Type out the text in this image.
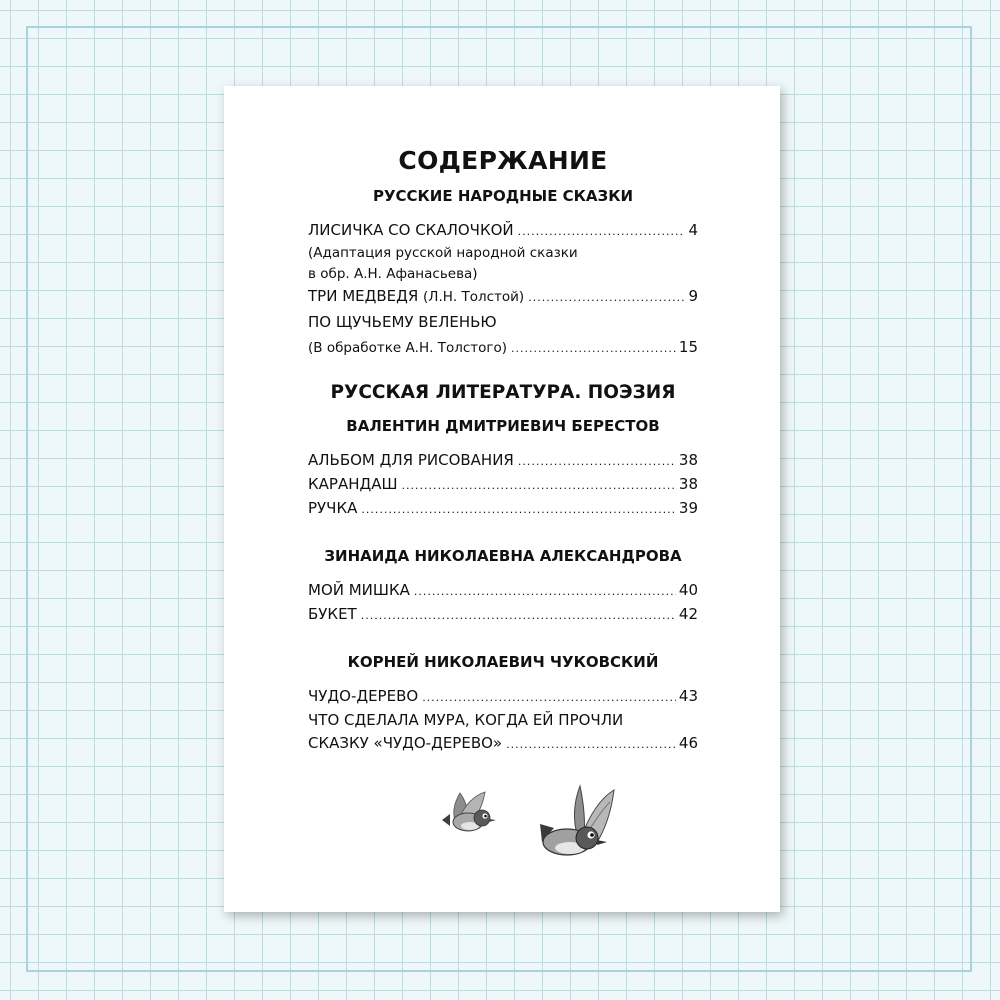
СОДЕРЖАНИЕ
РУССКИЕ НАРОДНЫЕ СКАЗКИ
ЛИСИЧКА СО СКАЛОЧКОЙ .....	4
(Адаптация русской народной сказки
в обр. А.Н. Афанасьева)
ТРИ МЕДВЕДЯ (Л.Н. Толстой) .....	9
ПО ЩУЧЬЕМУ ВЕЛЕНЬЮ
(В обработке А.Н. Толстого) .....	15
РУССКАЯ ЛИТЕРАТУРА. ПОЭЗИЯ
ВАЛЕНТИН ДМИТРИЕВИЧ БЕРЕСТОВ
АЛЬБОМ ДЛЯ РИСОВАНИЯ .....	38
КАРАНДАШ .....	38
РУЧКА .....	39
ЗИНАИДА НИКОЛАЕВНА АЛЕКСАНДРОВА
МОЙ МИШКА .....	40
БУКЕТ .....	42
КОРНЕЙ НИКОЛАЕВИЧ ЧУКОВСКИЙ
ЧУДО-ДЕРЕВО .....	43
ЧТО СДЕЛАЛА МУРА, КОГДА ЕЙ ПРОЧЛИ
СКАЗКУ «ЧУДО-ДЕРЕВО» .....	46
